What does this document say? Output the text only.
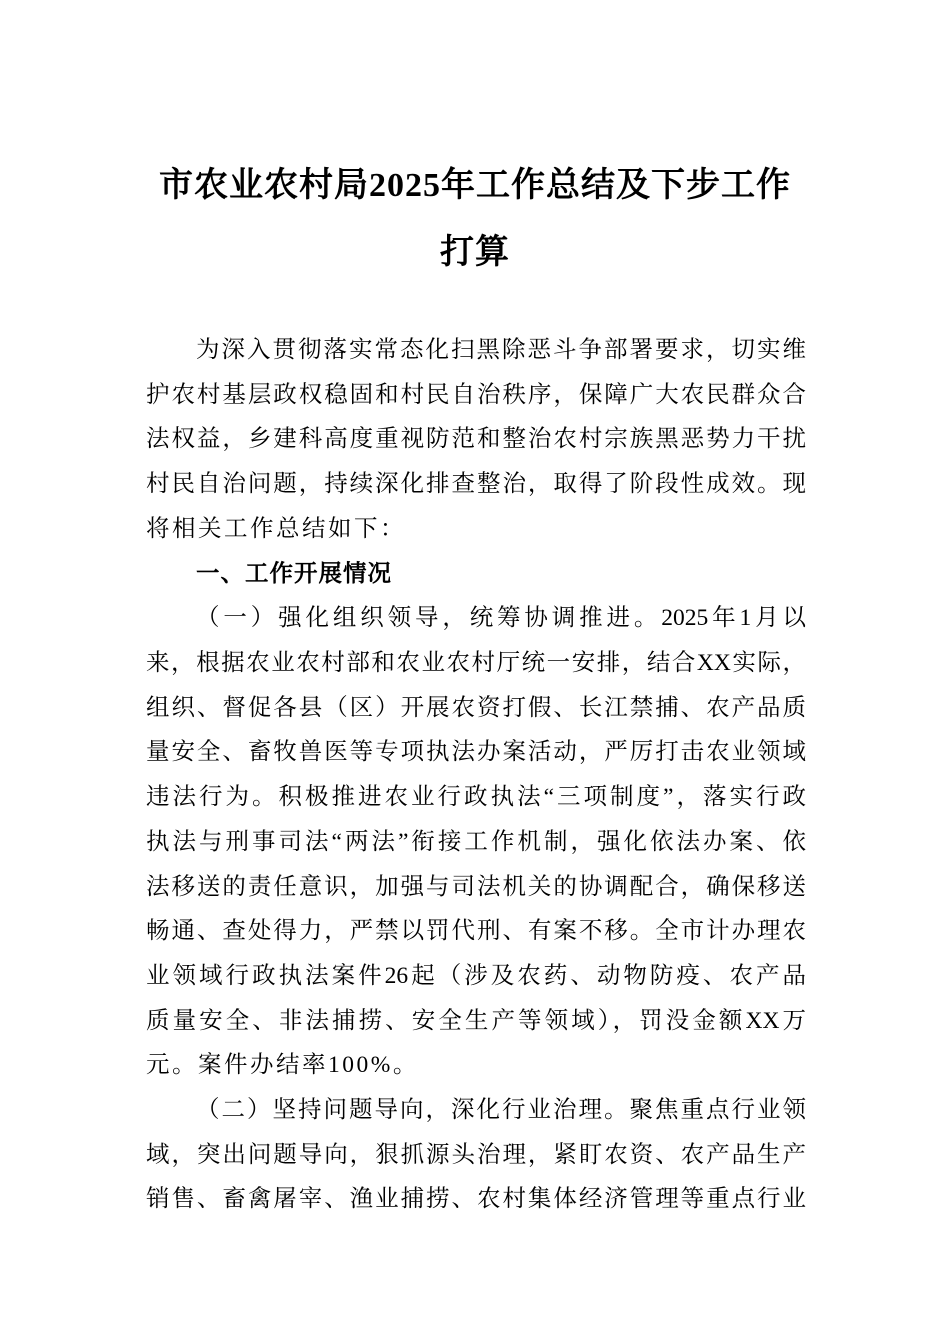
市农业农村局2025年工作总结及下步工作
打算
为深入贯彻落实常态化扫黑除恶斗争部署要求，切实维
护农村基层政权稳固和村民自治秩序，保障广大农民群众合
法权益，乡建科高度重视防范和整治农村宗族黑恶势力干扰
村民自治问题，持续深化排查整治，取得了阶段性成效。现
将相关工作总结如下：
一、工作开展情况
（一）强化组织领导，统筹协调推进。2025年1月以
来，根据农业农村部和农业农村厅统一安排，结合XX实际，
组织、督促各县（区）开展农资打假、长江禁捕、农产品质
量安全、畜牧兽医等专项执法办案活动，严厉打击农业领域
违法行为。积极推进农业行政执法“三项制度”，落实行政
执法与刑事司法“两法”衔接工作机制，强化依法办案、依
法移送的责任意识，加强与司法机关的协调配合，确保移送
畅通、查处得力，严禁以罚代刑、有案不移。全市计办理农
业领域行政执法案件26起（涉及农药、动物防疫、农产品
质量安全、非法捕捞、安全生产等领域），罚没金额XX万
元。案件办结率100%。
（二）坚持问题导向，深化行业治理。聚焦重点行业领
域，突出问题导向，狠抓源头治理，紧盯农资、农产品生产
销售、畜禽屠宰、渔业捕捞、农村集体经济管理等重点行业
